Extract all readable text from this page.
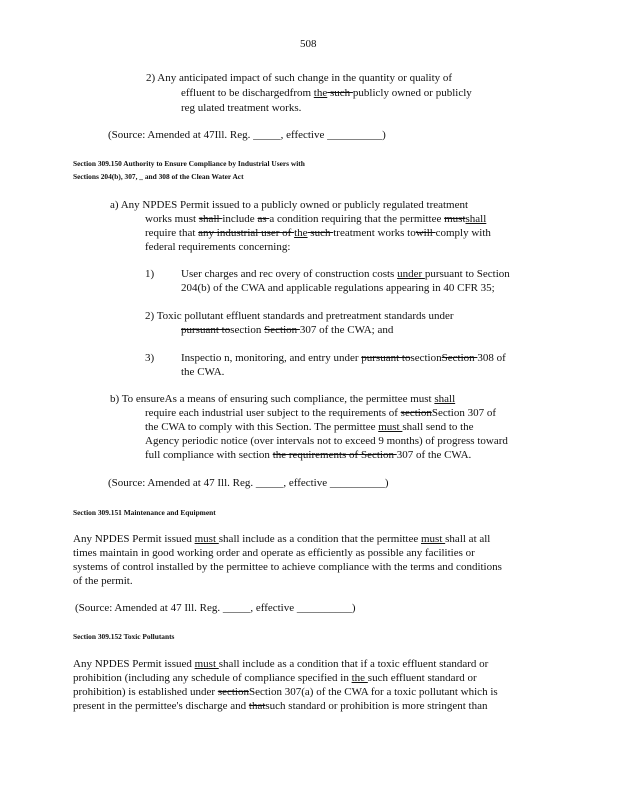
508
2) Any anticipated impact of such change in the quantity or quality of
effluent to be dischargedfrom the such publicly owned or publicly
reg ulated treatment works.
(Source: Amended at 47Ill. Reg. _____, effective __________)
Section 309.150 Authority to Ensure Compliance by Industrial Users with
Sections 204(b), 307, _ and 308 of the Clean Water Act
a) Any NPDES Permit issued to a publicly owned or publicly regulated treatment
works must shall include as a condition requiring that the permittee mustshall
require that any industrial user of the such treatment works towill comply with
federal requirements concerning:
1) User charges and rec overy of construction costs under pursuant to Section
204(b) of the CWA and applicable regulations appearing in 40 CFR 35;
2) Toxic pollutant effluent standards and pretreatment standards under
pursuant tosection Section 307 of the CWA; and
3) Inspectio n, monitoring, and entry under pursuant tosectionSection 308 of
the CWA.
b) To ensureAs a means of ensuring such compliance, the permittee must shall
require each industrial user subject to the requirements of sectionSection 307 of
the CWA to comply with this Section. The permittee must shall send to the
Agency periodic notice (over intervals not to exceed 9 months) of progress toward
full compliance with section the requirements of Section 307 of the CWA.
(Source: Amended at 47 Ill. Reg. _____, effective __________)
Section 309.151 Maintenance and Equipment
Any NPDES Permit issued must shall include as a condition that the permittee must shall at all
times maintain in good working order and operate as efficiently as possible any facilities or
systems of control installed by the permittee to achieve compliance with the terms and conditions
of the permit.
(Source: Amended at 47 Ill. Reg. _____, effective __________)
Section 309.152 Toxic Pollutants
Any NPDES Permit issued must shall include as a condition that if a toxic effluent standard or
prohibition (including any schedule of compliance specified in the such effluent standard or
prohibition) is established under sectionSection 307(a) of the CWA for a toxic pollutant which is
present in the permittee's discharge and thatsuch standard or prohibition is more stringent than
